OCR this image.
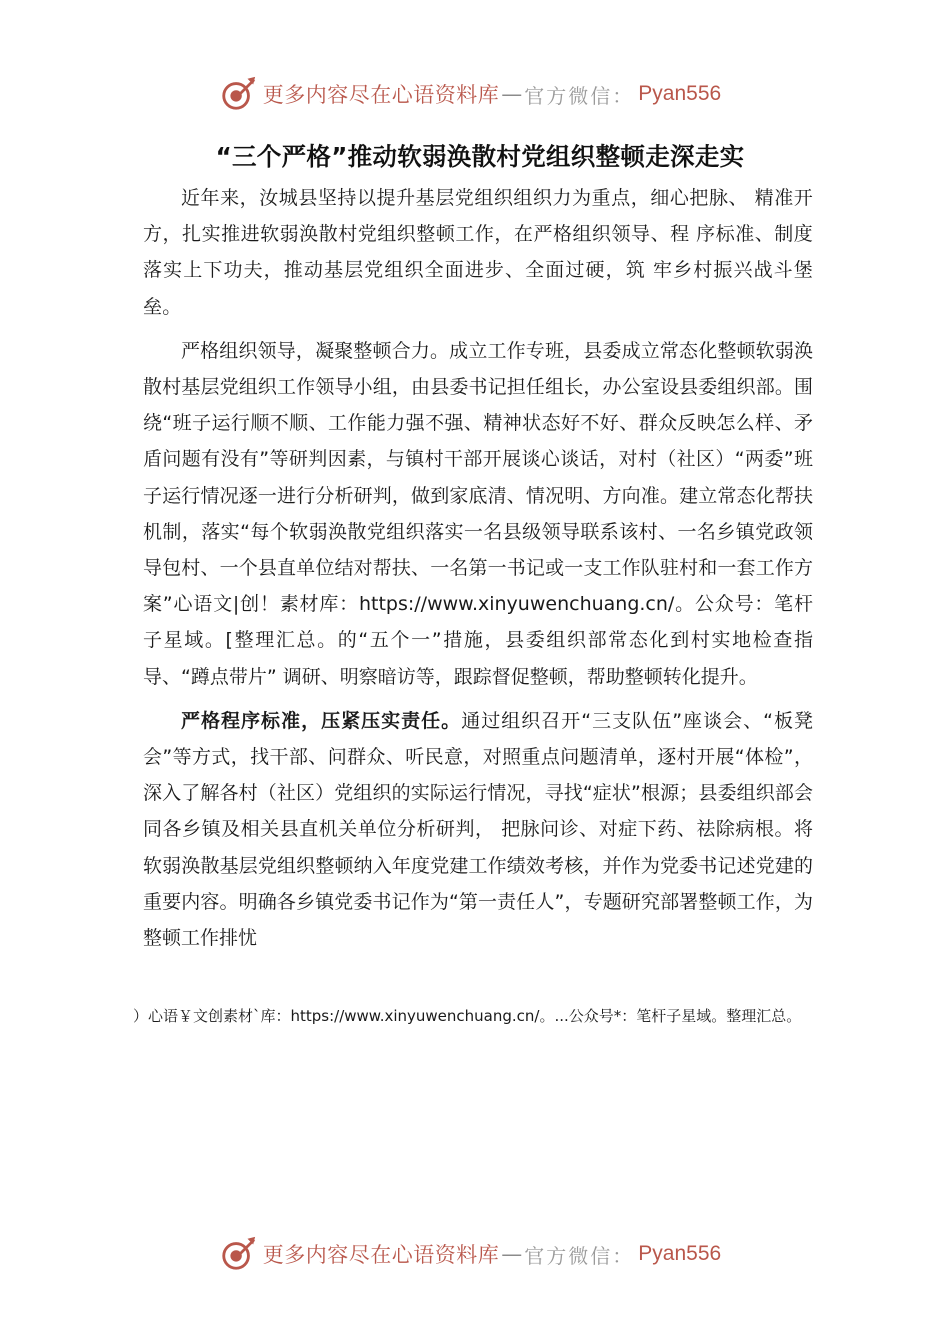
更多内容尽在心语资料库 — 官方微信： Pyan556
“三个严格”推动软弱涣散村党组织整顿走深走实

近年来，汝城县坚持以提升基层党组织组织力为重点，细心把脉、 精准开方，扎实推进软弱涣散村党组织整顿工作，在严格组织领导、程 序标准、制度落实上下功夫，推动基层党组织全面进步、全面过硬，筑 牢乡村振兴战斗堡垒。

严格组织领导，凝聚整顿合力。成立工作专班，县委成立常态化整顿软弱涣散村基层党组织工作领导小组，由县委书记担任组长，办公室设县委组织部。围绕“班子运行顺不顺、工作能力强不强、精神状态好不好、群众反映怎么样、矛盾问题有没有”等研判因素，与镇村干部开展谈心谈话，对村（社区）“两委”班子运行情况逐一进行分析研判，做到家底清、情况明、方向准。建立常态化帮扶机制，落实“每个软弱涣散党组织落实一名县级领导联系该村、一名乡镇党政领导包村、一个县直单位结对帮扶、一名第一书记或一支工作队驻村和一套工作方案”心语文|创！素材库：https://www.xinyuwenchuang.cn/。公众号：笔杆子星域。[整理汇总。的“五个一”措施，县委组织部常态化到村实地检查指导、“蹲点带片” 调研、明察暗访等，跟踪督促整顿，帮助整顿转化提升。

严格程序标准，压紧压实责任。通过组织召开“三支队伍”座谈会、“板凳会”等方式，找干部、问群众、听民意，对照重点问题清单，逐村开展“体检”，深入了解各村（社区）党组织的实际运行情况，寻找“症状”根源；县委组织部会同各乡镇及相关县直机关单位分析研判， 把脉问诊、对症下药、祛除病根。将软弱涣散基层党组织整顿纳入年度党建工作绩效考核，并作为党委书记述党建的重要内容。明确各乡镇党委书记作为“第一责任人”，专题研究部署整顿工作，为整顿工作排忧

）心语￥文创素材`库：https://www.xinyuwenchuang.cn/。...公众号*：笔杆子星域。整理汇总。
更多内容尽在心语资料库 — 官方微信： Pyan556
